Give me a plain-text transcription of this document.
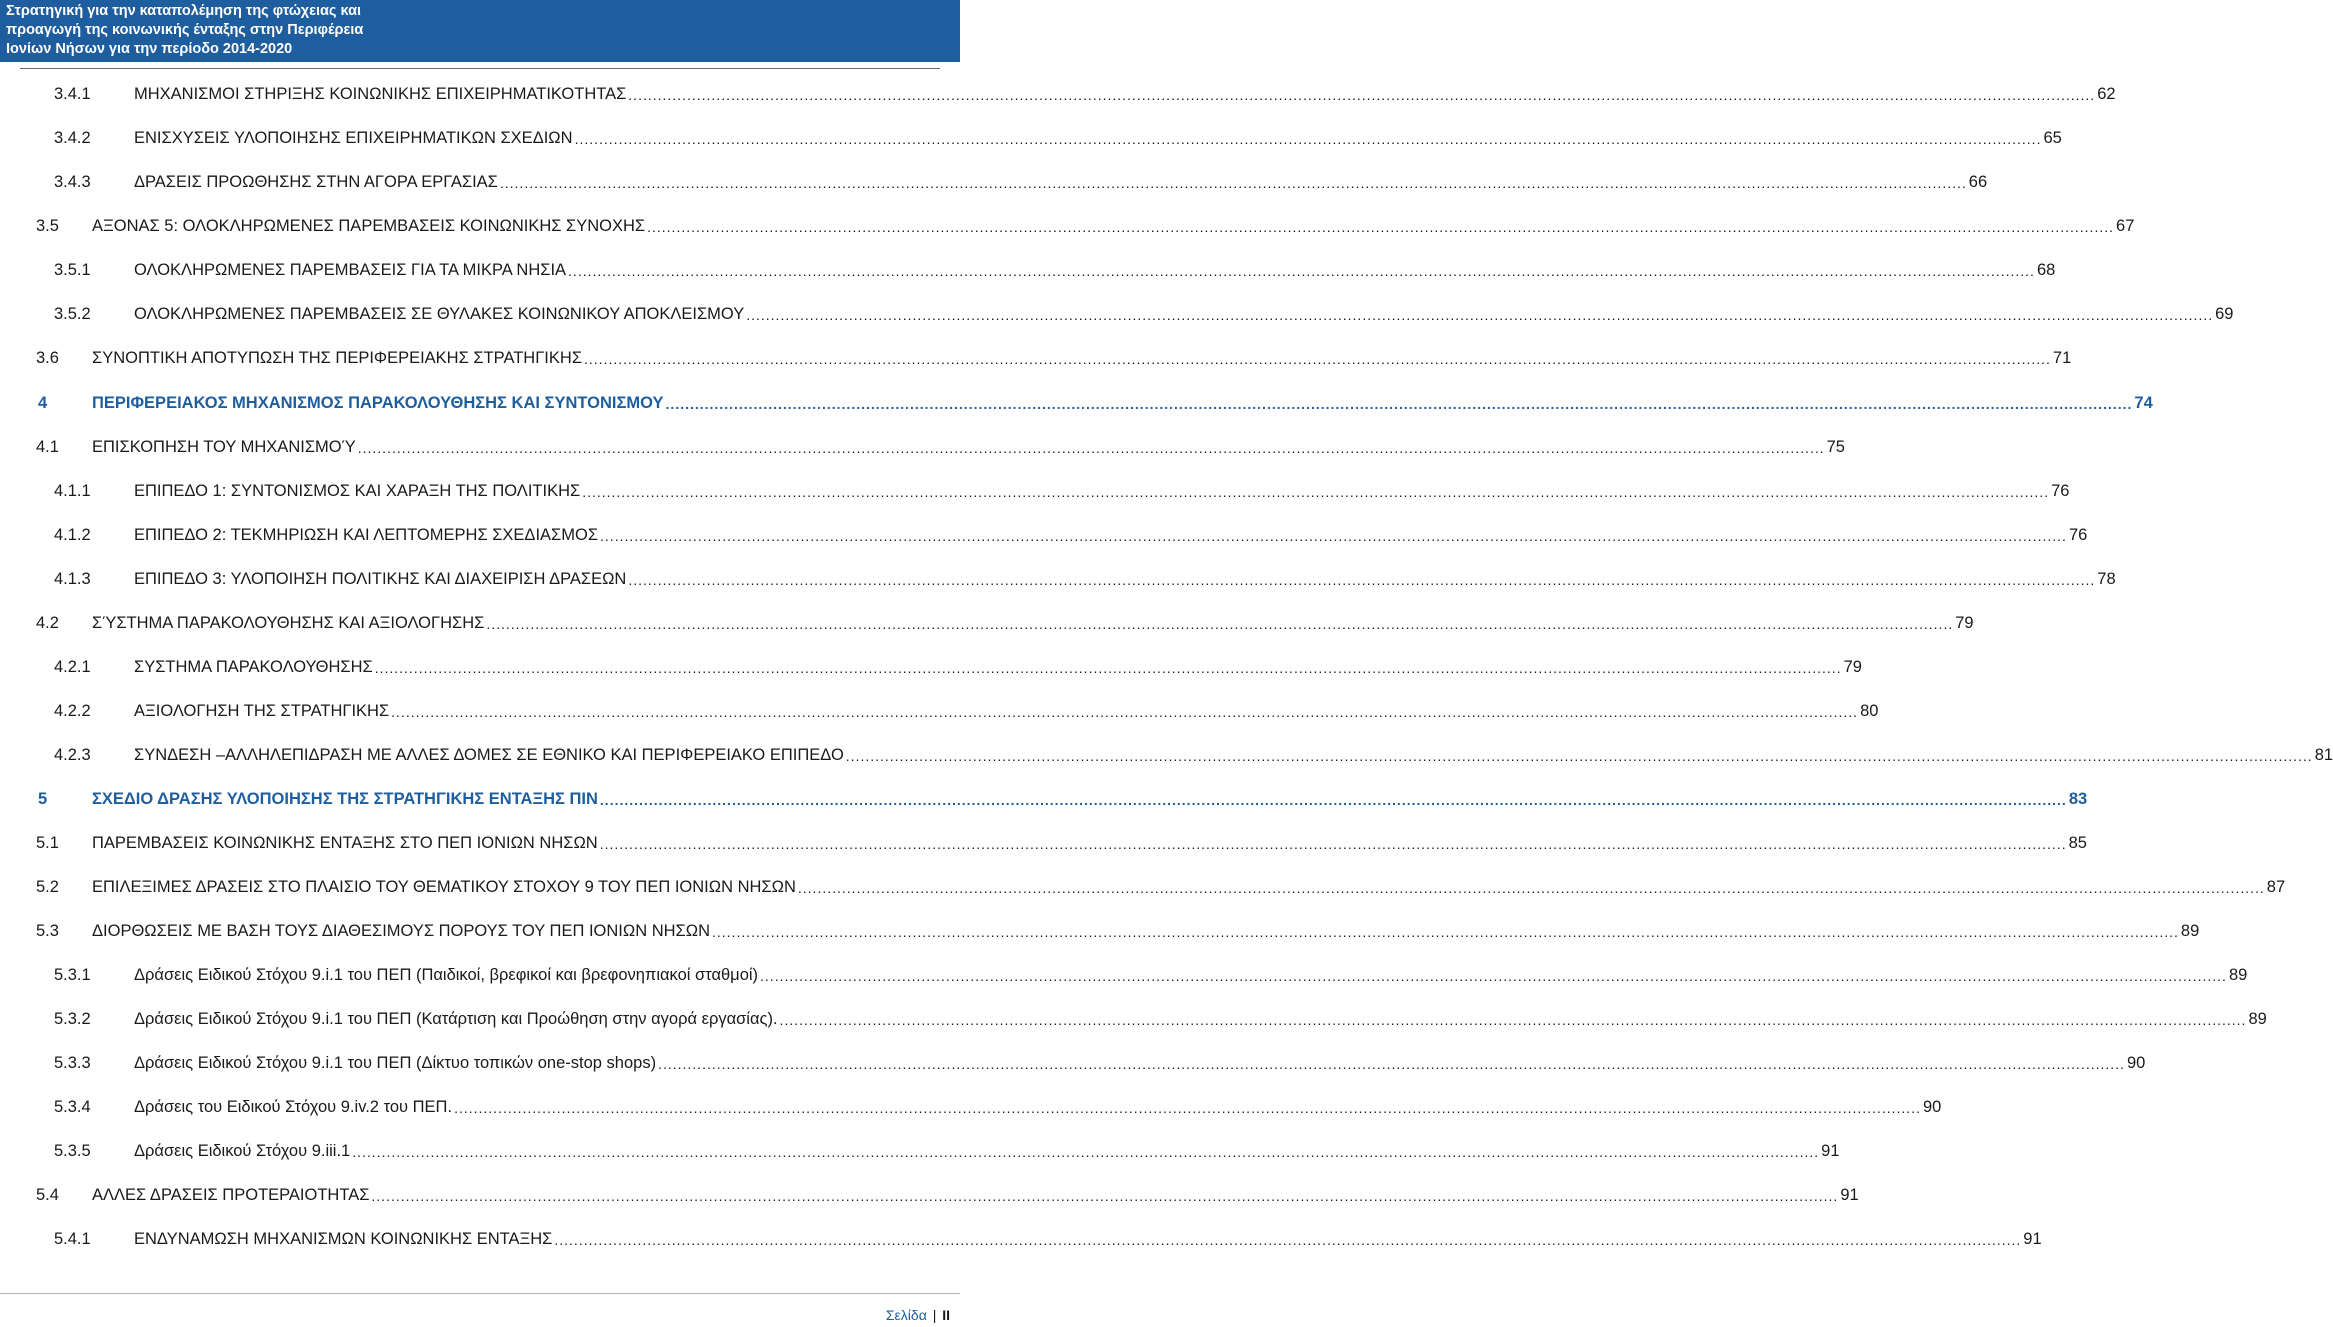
Στρατηγική για την καταπολέμηση της φτώχειας και
προαγωγή της κοινωνικής ένταξης στην Περιφέρεια
Ιονίων Νήσων για την περίοδο 2014-2020
3.4.1	ΜΗΧΑΝΙΣΜΟΙ ΣΤΗΡΙΞΗΣ ΚΟΙΝΩΝΙΚΗΣ ΕΠΙΧΕΙΡΗΜΑΤΙΚΟΤΗΤΑΣ ............................................................................................................................................................................................................................................................................................................ 62
3.4.2	ΕΝΙΣΧΥΣΕΙΣ ΥΛΟΠΟΙΗΣΗΣ ΕΠΙΧΕΙΡΗΜΑΤΙΚΩΝ ΣΧΕΔΙΩΝ ............................................................................................................................................................................................................................................................................................................ 65
3.4.3	ΔΡΑΣΕΙΣ ΠΡΟΩΘΗΣΗΣ ΣΤΗΝ ΑΓΟΡΑ ΕΡΓΑΣΙΑΣ ............................................................................................................................................................................................................................................................................................................ 66
3.5 ΑΞΟΝΑΣ 5: ΟΛΟΚΛΗΡΩΜΕΝΕΣ ΠΑΡΕΜΒΑΣΕΙΣ ΚΟΙΝΩΝΙΚΗΣ ΣΥΝΟΧΗΣ ............................................................................................................................................................................................................................................................................................................ 67
3.5.1	ΟΛΟΚΛΗΡΩΜΕΝΕΣ ΠΑΡΕΜΒΑΣΕΙΣ ΓΙΑ ΤΑ ΜΙΚΡΑ ΝΗΣΙΑ ............................................................................................................................................................................................................................................................................................................ 68
3.5.2	ΟΛΟΚΛΗΡΩΜΕΝΕΣ ΠΑΡΕΜΒΑΣΕΙΣ ΣΕ ΘΥΛΑΚΕΣ ΚΟΙΝΩΝΙΚΟΥ ΑΠΟΚΛΕΙΣΜΟΥ ............................................................................................................................................................................................................................................................................................................ 69
3.6 ΣΥΝΟΠΤΙΚΗ ΑΠΟΤΥΠΩΣΗ ΤΗΣ ΠΕΡΙΦΕΡΕΙΑΚΗΣ ΣΤΡΑΤΗΓΙΚΗΣ ............................................................................................................................................................................................................................................................................................................ 71
4	ΠΕΡΙΦΕΡΕΙΑΚΟΣ ΜΗΧΑΝΙΣΜΟΣ ΠΑΡΑΚΟΛΟΥΘΗΣΗΣ ΚΑΙ ΣΥΝΤΟΝΙΣΜΟΥ ............................................................................................................................................................................................................................................................................................................ 74
4.1 ΕΠΙΣΚΟΠΗΣΗ ΤΟΥ ΜΗΧΑΝΙΣΜΟΎ ............................................................................................................................................................................................................................................................................................................ 75
4.1.1	ΕΠΙΠΕΔΟ 1: ΣΥΝΤΟΝΙΣΜΟΣ ΚΑΙ ΧΑΡΑΞΗ ΤΗΣ ΠΟΛΙΤΙΚΗΣ ............................................................................................................................................................................................................................................................................................................ 76
4.1.2	ΕΠΙΠΕΔΟ 2: ΤΕΚΜΗΡΙΩΣΗ ΚΑΙ ΛΕΠΤΟΜΕΡΗΣ ΣΧΕΔΙΑΣΜΟΣ ............................................................................................................................................................................................................................................................................................................ 76
4.1.3	ΕΠΙΠΕΔΟ 3: ΥΛΟΠΟΙΗΣΗ ΠΟΛΙΤΙΚΗΣ ΚΑΙ ΔΙΑΧΕΙΡΙΣΗ ΔΡΑΣΕΩΝ ............................................................................................................................................................................................................................................................................................................ 78
4.2 ΣΎΣΤΗΜΑ ΠΑΡΑΚΟΛΟΥΘΗΣΗΣ ΚΑΙ ΑΞΙΟΛΟΓΗΣΗΣ ............................................................................................................................................................................................................................................................................................................ 79
4.2.1	ΣΥΣΤΗΜΑ ΠΑΡΑΚΟΛΟΥΘΗΣΗΣ ............................................................................................................................................................................................................................................................................................................ 79
4.2.2	ΑΞΙΟΛΟΓΗΣΗ ΤΗΣ ΣΤΡΑΤΗΓΙΚΗΣ ............................................................................................................................................................................................................................................................................................................ 80
4.2.3	ΣΥΝΔΕΣΗ –ΑΛΛΗΛΕΠΙΔΡΑΣΗ ΜΕ ΑΛΛΕΣ ΔΟΜΕΣ ΣΕ ΕΘΝΙΚΟ ΚΑΙ ΠΕΡΙΦΕΡΕΙΑΚΟ ΕΠΙΠΕΔΟ ............................................................................................................................................................................................................................................................................................................ 81
5	ΣΧΕΔΙΟ ΔΡΑΣΗΣ ΥΛΟΠΟΙΗΣΗΣ ΤΗΣ ΣΤΡΑΤΗΓΙΚΗΣ ΕΝΤΑΞΗΣ ΠΙΝ ............................................................................................................................................................................................................................................................................................................ 83
5.1 ΠΑΡΕΜΒΑΣΕΙΣ ΚΟΙΝΩΝΙΚΗΣ ΕΝΤΑΞΗΣ ΣΤΟ ΠΕΠ ΙΟΝΙΩΝ ΝΗΣΩΝ ............................................................................................................................................................................................................................................................................................................ 85
5.2 ΕΠΙΛΕΞΙΜΕΣ ΔΡΑΣΕΙΣ ΣΤΟ ΠΛΑΙΣΙΟ ΤΟΥ ΘΕΜΑΤΙΚΟΥ ΣΤΟΧΟΥ 9 ΤΟΥ ΠΕΠ ΙΟΝΙΩΝ ΝΗΣΩΝ ............................................................................................................................................................................................................................................................................................................ 87
5.3 ΔΙΟΡΘΩΣΕΙΣ ΜΕ ΒΑΣΗ ΤΟΥΣ ΔΙΑΘΕΣΙΜΟΥΣ ΠΟΡΟΥΣ ΤΟΥ ΠΕΠ ΙΟΝΙΩΝ ΝΗΣΩΝ ............................................................................................................................................................................................................................................................................................................ 89
5.3.1	Δράσεις Ειδικού Στόχου 9.i.1 του ΠΕΠ (Παιδικοί, βρεφικοί και βρεφονηπιακοί σταθμοί) ............................................................................................................................................................................................................................................................................................................ 89
5.3.2	Δράσεις Ειδικού Στόχου 9.i.1 του ΠΕΠ (Κατάρτιση και Προώθηση στην αγορά εργασίας). ............................................................................................................................................................................................................................................................................................................ 89
5.3.3	Δράσεις Ειδικού Στόχου 9.i.1 του ΠΕΠ (Δίκτυο τοπικών one-stop shops) ............................................................................................................................................................................................................................................................................................................ 90
5.3.4	Δράσεις του Ειδικού Στόχου 9.iv.2 του ΠΕΠ. ............................................................................................................................................................................................................................................................................................................ 90
5.3.5	Δράσεις Ειδικού Στόχου 9.iii.1 ............................................................................................................................................................................................................................................................................................................ 91
5.4 ΑΛΛΕΣ ΔΡΑΣΕΙΣ ΠΡΟΤΕΡΑΙΟΤΗΤΑΣ ............................................................................................................................................................................................................................................................................................................ 91
5.4.1	ΕΝΔΥΝΑΜΩΣΗ ΜΗΧΑΝΙΣΜΩΝ ΚΟΙΝΩΝΙΚΗΣ ΕΝΤΑΞΗΣ ............................................................................................................................................................................................................................................................................................................ 91
Σελίδα | II
